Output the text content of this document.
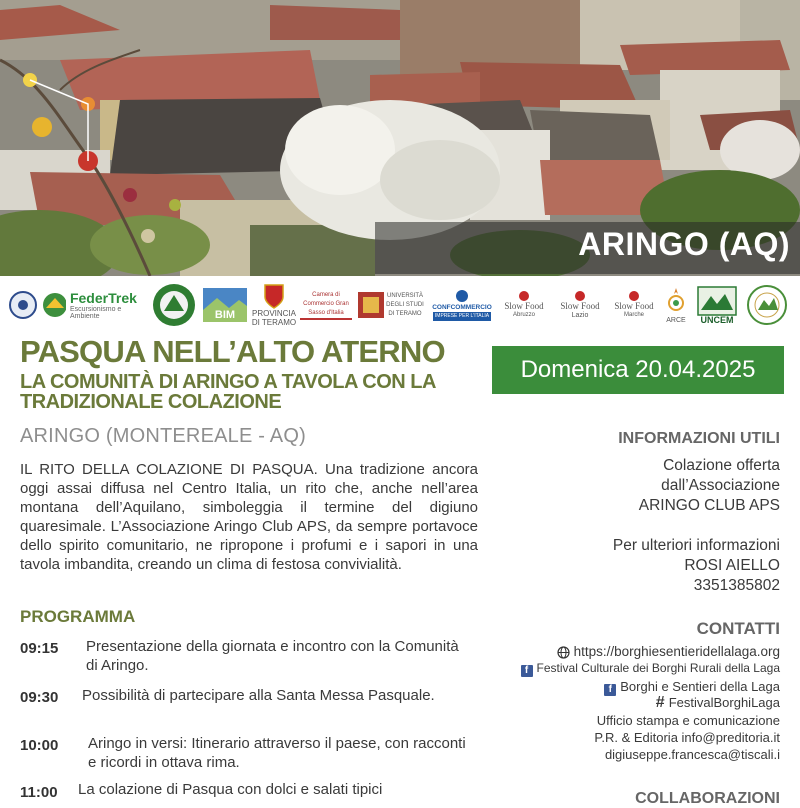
ARINGO (AQ)
FederTrek
Escursionismo e Ambiente	BIM PROVINCIA DI TERAMO
Camera di Commercio Gran Sasso d'Italia
UNIVERSITÀ DEGLI STUDI DI TERAMO
CONFCOMMERCIO
IMPRESE PER L'ITALIA
Slow Food
Abruzzo
Slow Food
Lazio
Slow Food
Marche
ARCE UNCEM
PASQUA NELL’ALTO ATERNO
LA COMUNITÀ DI ARINGO A TAVOLA CON LA TRADIZIONALE COLAZIONE
ARINGO (MONTEREALE - AQ)
IL RITO DELLA COLAZIONE DI PASQUA. Una tradizione ancora oggi assai diffusa nel Centro Italia, un rito che, anche nell’area montana dell’Aquilano, simboleggia il termine del digiuno quaresimale. L’Associazione Aringo Club APS, da sempre portavoce dello spirito comunitario, ne ripropone i profumi e i sapori in una tavola imbandita, creando un clima di festosa convivialità.
PROGRAMMA
09:15 Presentazione della giornata e incontro con la Comunità di Aringo.
09:30 Possibilità di partecipare alla Santa Messa Pasquale.
10:00 Aringo in versi: Itinerario attraverso il paese, con racconti e ricordi in ottava rima.
11:00 La colazione di Pasqua con dolci e salati tipici
Domenica 20.04.2025
INFORMAZIONI UTILI
Colazione offerta
dall’Associazione
ARINGO CLUB APS
Per ulteriori informazioni
ROSI AIELLO
3351385802
CONTATTI
https://borghiesentieridellalaga.org
f Festival Culturale dei Borghi Rurali della Laga
f Borghi e Sentieri della Laga
# FestivalBorghiLaga
Ufficio stampa e comunicazione
P.R. & Editoria info@preditoria.it
digiuseppe.francesca@tiscali.i
COLLABORAZIONI
